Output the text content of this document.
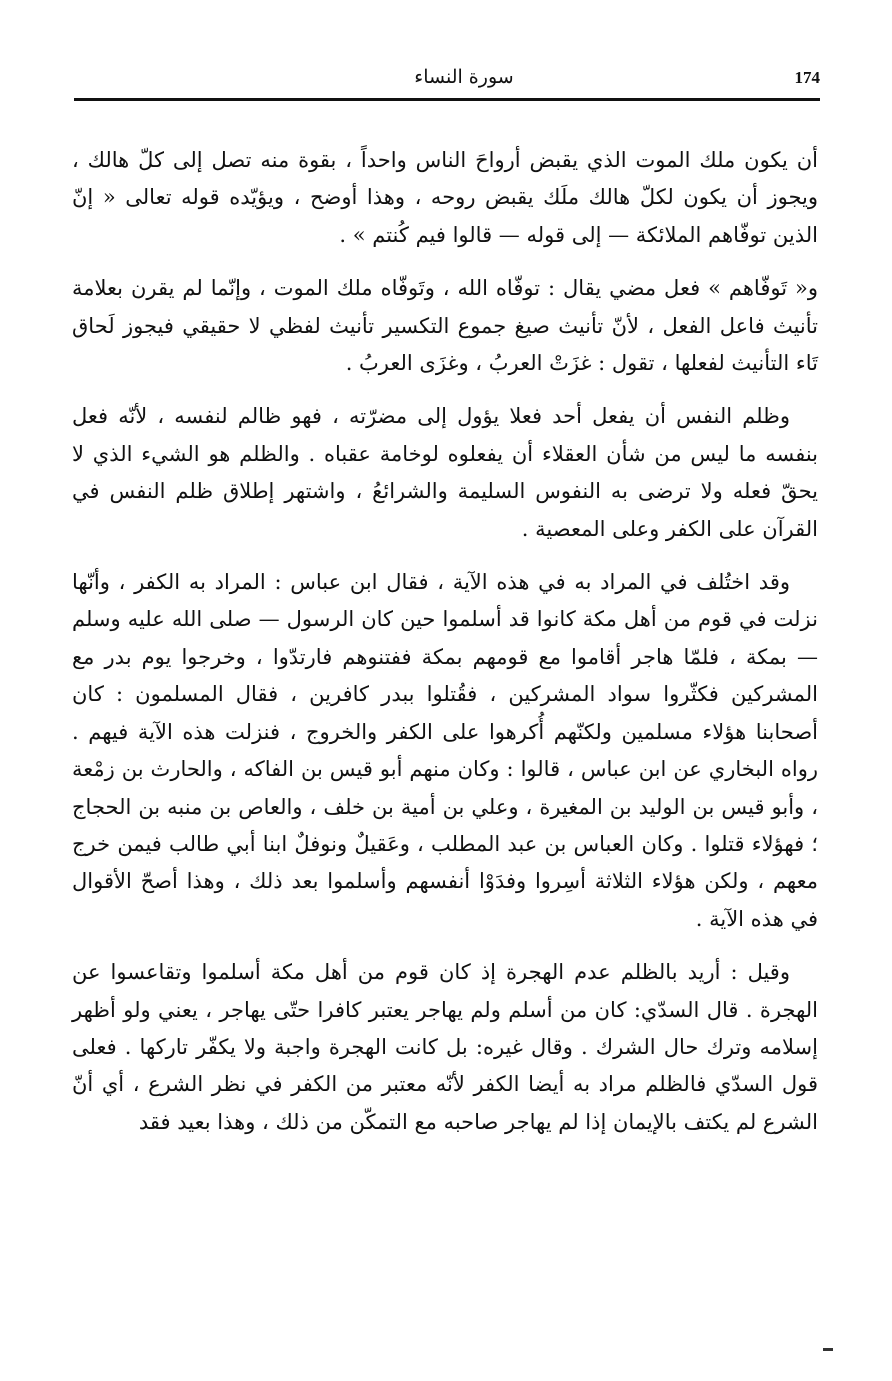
174
سورة النساء

أن يكون ملك الموت الذي يقبض أرواحَ الناس واحداً ، بقوة منه تصل إلى كلّ هالك ، ويجوز أن يكون لكلّ هالك ملَك يقبض روحه ، وهذا أوضح ، ويؤيّده قوله تعالى « إنّ الذين توفّاهم الملائكة — إلى قوله — قالوا فيم كُنتم » .

و« تَوفّاهم » فعل مضي يقال : توفّاه الله ، وتَوفّاه ملك الموت ، وإنّما لم يقرن بعلامة تأنيث فاعل الفعل ، لأنّ تأنيث صيغ جموع التكسير تأنيث لفظي لا حقيقي فيجوز لَحاق تَاء التأنيث لفعلها ، تقول : غزَتْ العربُ ، وغزَى العربُ .

وظلم النفس أن يفعل أحد فعلا يؤول إلى مضرّته ، فهو ظالم لنفسه ، لأنّه فعل بنفسه ما ليس من شأن العقلاء أن يفعلوه لوخامة عقباه . والظلم هو الشيء الذي لا يحقّ فعله ولا ترضى به النفوس السليمة والشرائعُ ، واشتهر إطلاق ظلم النفس في القرآن على الكفر وعلى المعصية .

وقد اختُلف في المراد به في هذه الآية ، فقال ابن عباس : المراد به الكفر ، وأنّها نزلت في قوم من أهل مكة كانوا قد أسلموا حين كان الرسول — صلى الله عليه وسلم — بمكة ، فلمّا هاجر أقاموا مع قومهم بمكة ففتنوهم فارتدّوا ، وخرجوا يوم بدر مع المشركين فكثّروا سواد المشركين ، فقُتلوا ببدر كافرين ، فقال المسلمون : كان أصحابنا هؤلاء مسلمين ولكنّهم أُكرهوا على الكفر والخروج ، فنزلت هذه الآية فيهم . رواه البخاري عن ابن عباس ، قالوا : وكان منهم أبو قيس بن الفاكه ، والحارث بن زمْعة ، وأبو قيس بن الوليد بن المغيرة ، وعلي بن أمية بن خلف ، والعاص بن منبه بن الحجاج ؛ فهؤلاء قتلوا . وكان العباس بن عبد المطلب ، وعَقيلٌ ونوفلٌ ابنا أبي طالب فيمن خرج معهم ، ولكن هؤلاء الثلاثة أسِروا وفدَوْا أنفسهم وأسلموا بعد ذلك ، وهذا أصحّ الأقوال في هذه الآية .

وقيل : أريد بالظلم عدم الهجرة إذ كان قوم من أهل مكة أسلموا وتقاعسوا عن الهجرة . قال السدّي: كان من أسلم ولم يهاجر يعتبر كافرا حتّى يهاجر ، يعني ولو أظهر إسلامه وترك حال الشرك . وقال غيره: بل كانت الهجرة واجبة ولا يكفّر تاركها . فعلى قول السدّي فالظلم مراد به أيضا الكفر لأنّه معتبر من الكفر في نظر الشرع ، أي أنّ الشرع لم يكتف بالإيمان إذا لم يهاجر صاحبه مع التمكّن من ذلك ، وهذا بعيد فقد
